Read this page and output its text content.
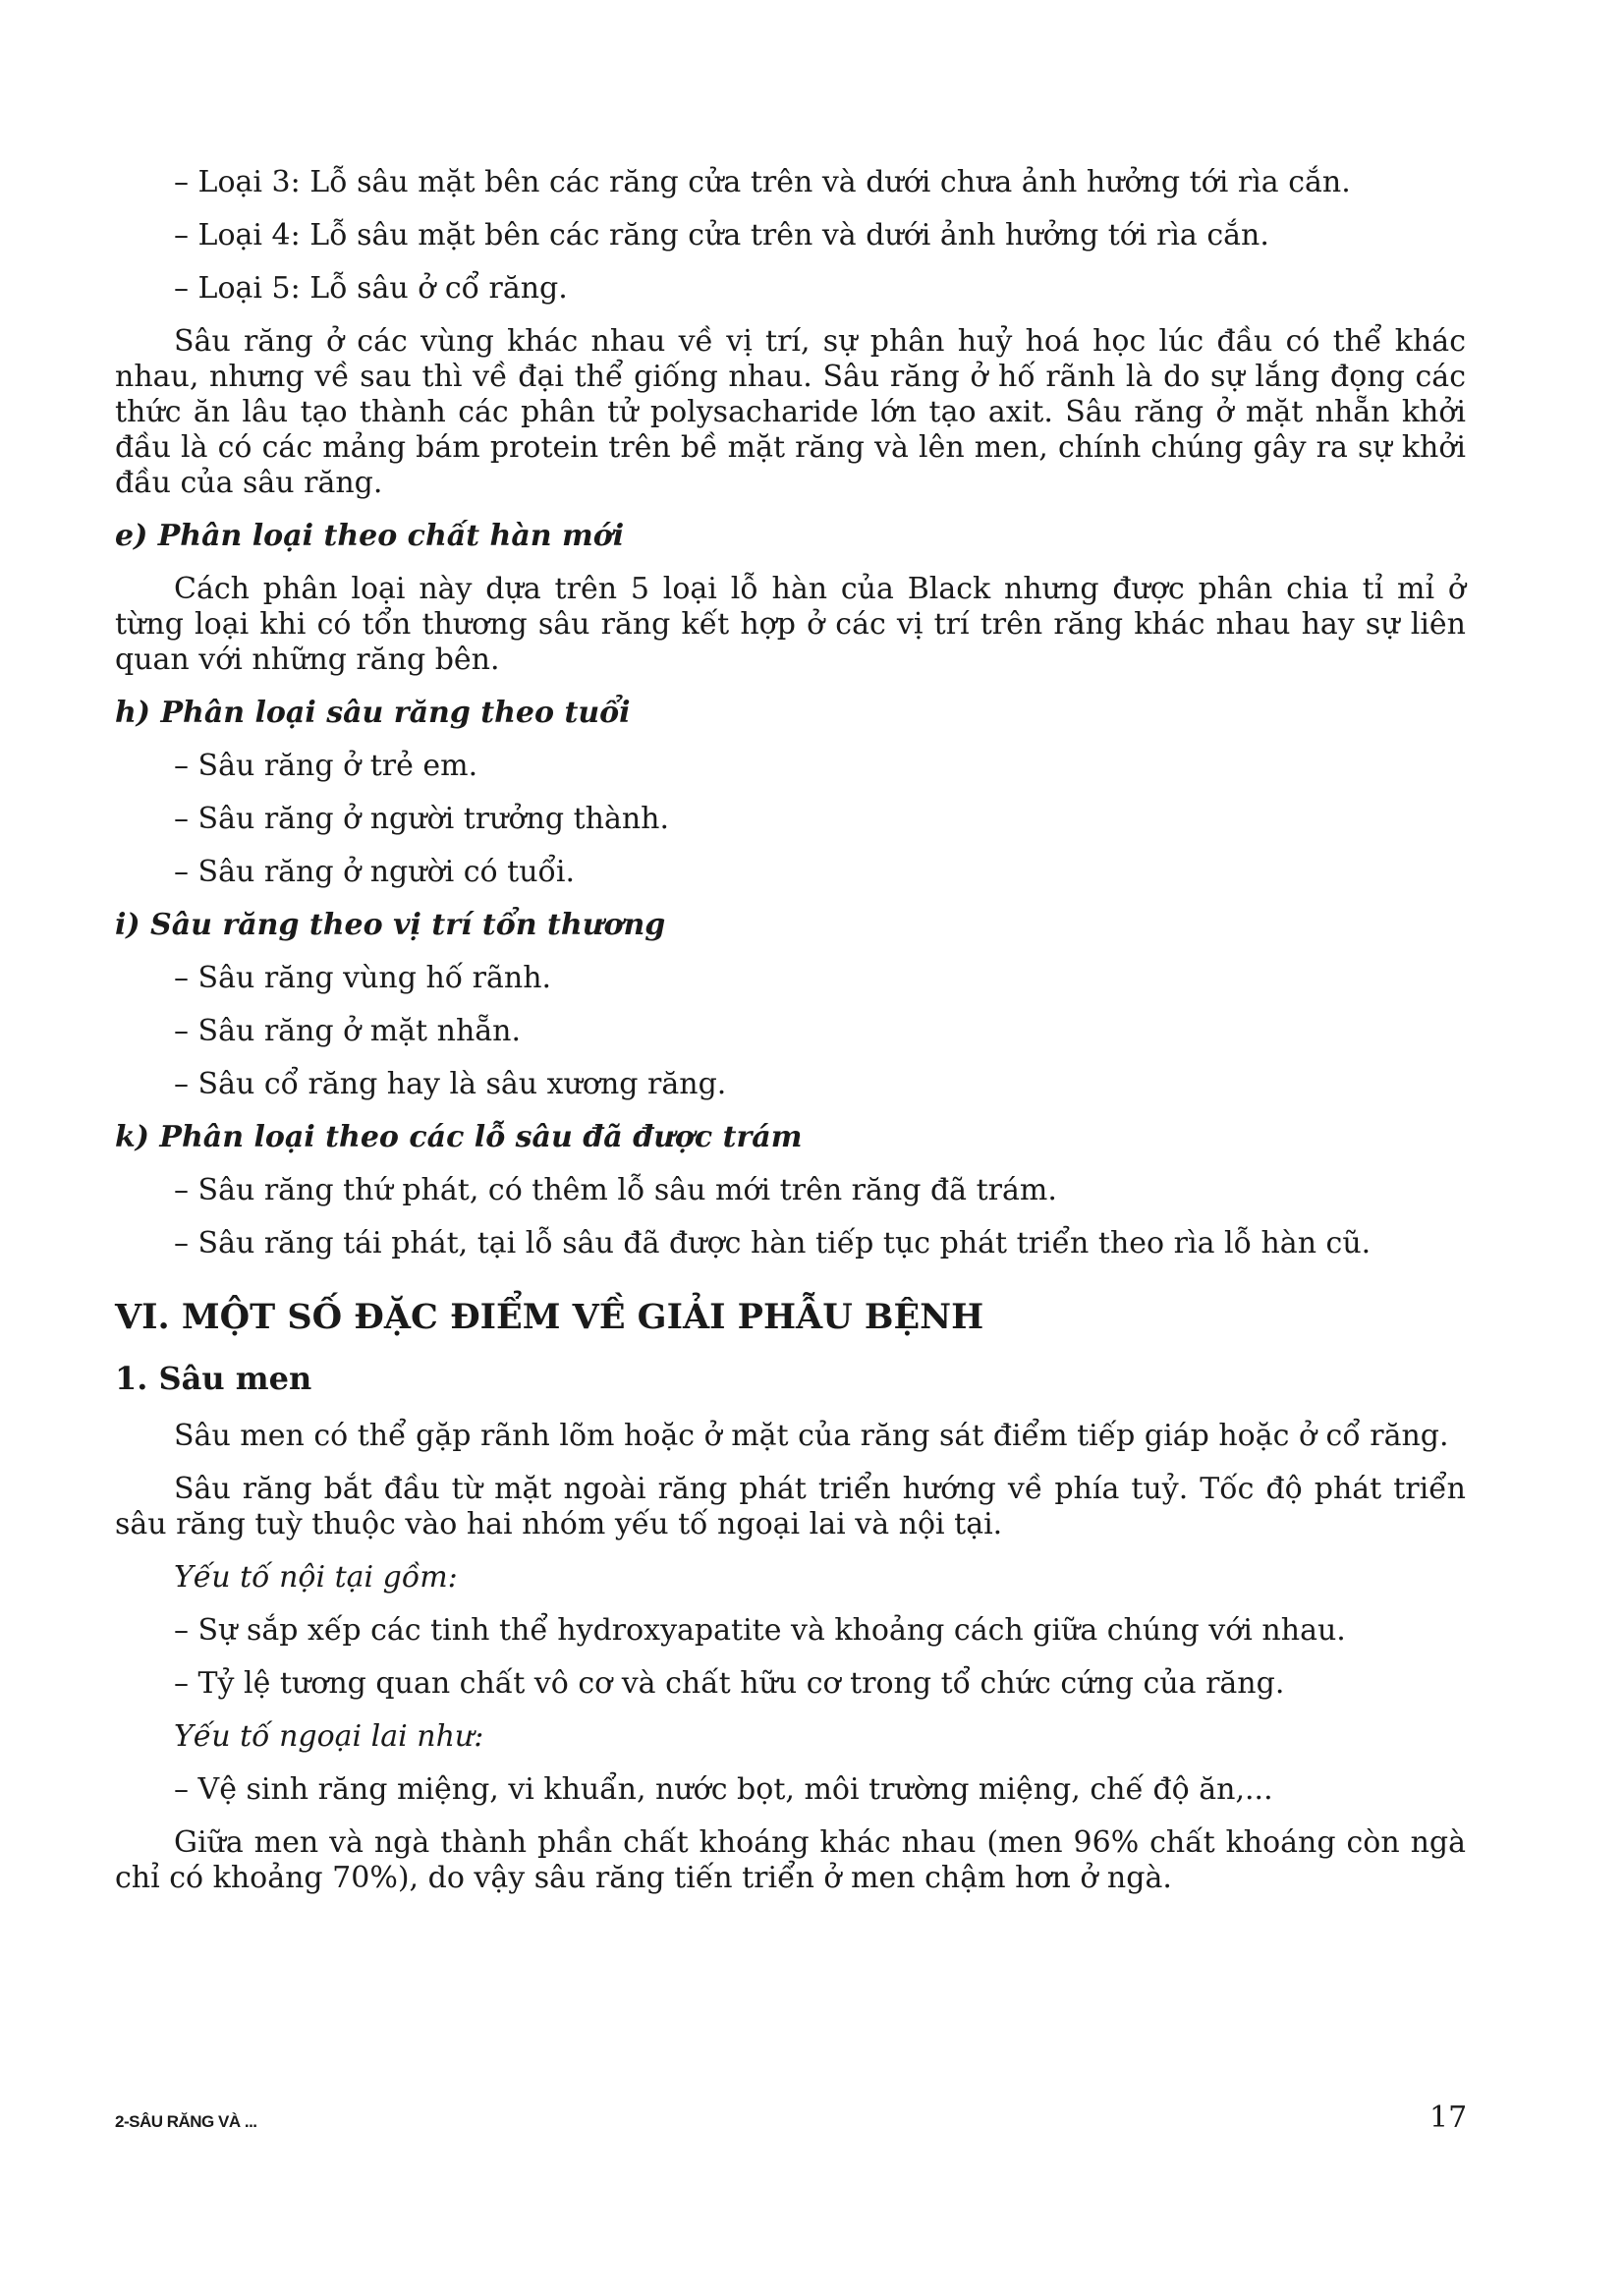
– Loại 3: Lỗ sâu mặt bên các răng cửa trên và dưới chưa ảnh hưởng tới rìa cắn.

– Loại 4: Lỗ sâu mặt bên các răng cửa trên và dưới ảnh hưởng tới rìa cắn.

– Loại 5: Lỗ sâu ở cổ răng.

Sâu răng ở các vùng khác nhau về vị trí, sự phân huỷ hoá học lúc đầu có thể khác nhau, nhưng về sau thì về đại thể giống nhau. Sâu răng ở hố rãnh là do sự lắng đọng các thức ăn lâu tạo thành các phân tử polysacharide lớn tạo axit. Sâu răng ở mặt nhẵn khởi đầu là có các mảng bám protein trên bề mặt răng và lên men, chính chúng gây ra sự khởi đầu của sâu răng.

e) Phân loại theo chất hàn mới

Cách phân loại này dựa trên 5 loại lỗ hàn của Black nhưng được phân chia tỉ mỉ ở từng loại khi có tổn thương sâu răng kết hợp ở các vị trí trên răng khác nhau hay sự liên quan với những răng bên.

h) Phân loại sâu răng theo tuổi

– Sâu răng ở trẻ em.

– Sâu răng ở người trưởng thành.

– Sâu răng ở người có tuổi.

i) Sâu răng theo vị trí tổn thương

– Sâu răng vùng hố rãnh.

– Sâu răng ở mặt nhẵn.

– Sâu cổ răng hay là sâu xương răng.

k) Phân loại theo các lỗ sâu đã được trám

– Sâu răng thứ phát, có thêm lỗ sâu mới trên răng đã trám.

– Sâu răng tái phát, tại lỗ sâu đã được hàn tiếp tục phát triển theo rìa lỗ hàn cũ.

VI. MỘT SỐ ĐẶC ĐIỂM VỀ GIẢI PHẪU BỆNH
1. Sâu men

Sâu men có thể gặp rãnh lõm hoặc ở mặt của răng sát điểm tiếp giáp hoặc ở cổ răng.

Sâu răng bắt đầu từ mặt ngoài răng phát triển hướng về phía tuỷ. Tốc độ phát triển sâu răng tuỳ thuộc vào hai nhóm yếu tố ngoại lai và nội tại.

Yếu tố nội tại gồm:

– Sự sắp xếp các tinh thể hydroxyapatite và khoảng cách giữa chúng với nhau.

– Tỷ lệ tương quan chất vô cơ và chất hữu cơ trong tổ chức cứng của răng.

Yếu tố ngoại lai như:

– Vệ sinh răng miệng, vi khuẩn, nước bọt, môi trường miệng, chế độ ăn,...

Giữa men và ngà thành phần chất khoáng khác nhau (men 96% chất khoáng còn ngà chỉ có khoảng 70%), do vậy sâu răng tiến triển ở men chậm hơn ở ngà.

2-SÂU RĂNG VÀ ...	17
